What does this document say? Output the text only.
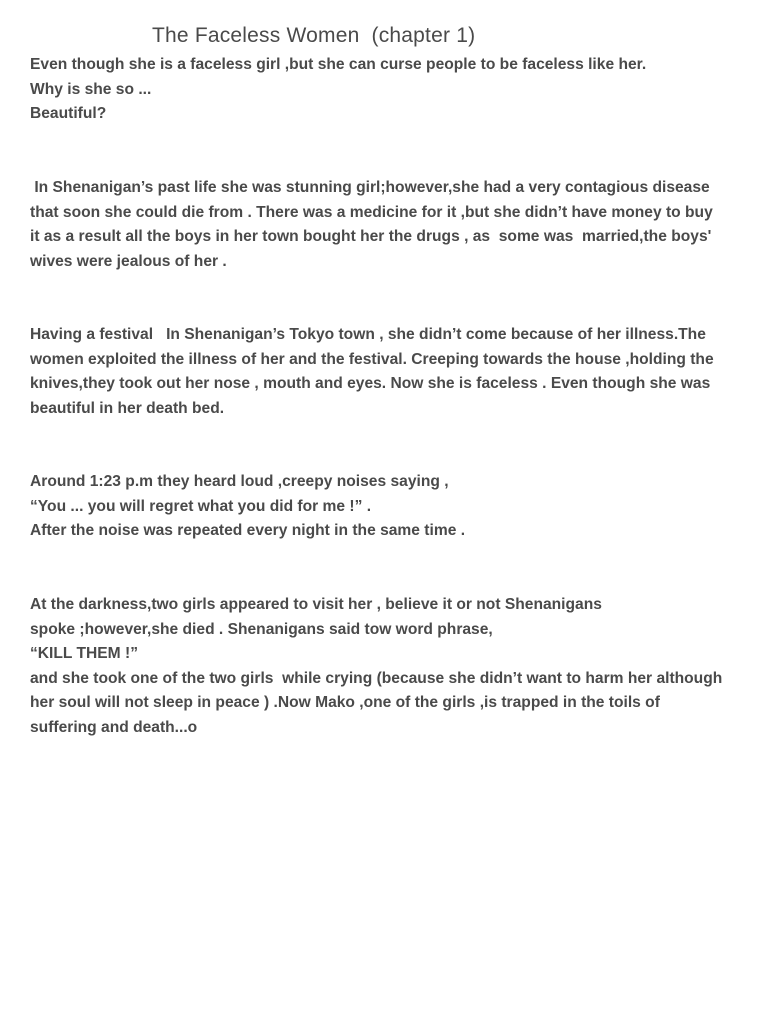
The Faceless Women  (chapter 1)
Even though she is a faceless girl ,but she can curse people to be faceless like her.
Why is she so ...
Beautiful?
In Shenanigan’s past life she was stunning girl;however,she had a very contagious disease
that soon she could die from . There was a medicine for it ,but she didn’t have money to buy
it as a result all the boys in her town bought her the drugs , as  some was  married,the boys'
wives were jealous of her .
Having a festival   In Shenanigan’s Tokyo town , she didn’t come because of her illness.The
women exploited the illness of her and the festival. Creeping towards the house ,holding the
knives,they took out her nose , mouth and eyes. Now she is faceless . Even though she was
beautiful in her death bed.
Around 1:23 p.m they heard loud ,creepy noises saying ,
“You ... you will regret what you did for me !” .
After the noise was repeated every night in the same time .
At the darkness,two girls appeared to visit her , believe it or not Shenanigans
spoke ;however,she died . Shenanigans said tow word phrase,
“KILL THEM !”
and she took one of the two girls  while crying (because she didn’t want to harm her although
her soul will not sleep in peace ) .Now Mako ,one of the girls ,is trapped in the toils of
suffering and death...o
